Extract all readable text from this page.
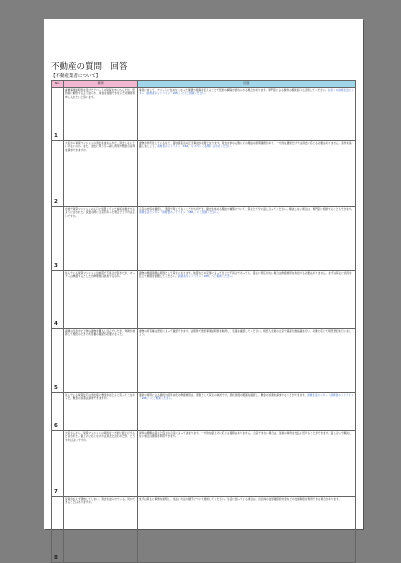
不動産の質問　回答
【不動産業者について】
No.	質問	回答
1	重要事項説明書を受けたアパートの賃貸を申し込んだが、契約前に解約するよう迫られ、業者を信頼できないため調停を申し入れたいと思います。	業者に対して、アパートに住めなくなった事情や経緯を伝えることで契約の解除が認められる場合があります。専門家による無料の相談窓口も活用してください。お近くの消費生活センター（消費者ホットライン「188」）にもご相談ください。
2	大家から賃貸マンションの退去を求められた。退去しないといけないのか。また、退去に伴う引っ越し費用や敷金の返却を請求できますか。	建物が老朽化しているなど、借地借家法の正当事由が必要となります。退去を求める側にその理由の説明義務があり、一方的な通知だけでは退去に応じる必要はありません。条件を協議しましょう。消費者ホットライン「188」（いやや）へお問い合わせください。
3	自費で賃貸マンションの入口に設置していた看板を撤去するように言われた。設置の際に合意があった場合どうすればよいですか。	合意の内容を確認し、書面で残しておくことが大切です。撤去を求める理由や補償について、貸主と十分に話し合ってください。解決しない場合は、専門家に相談することもできます。消費生活センター（消費者ホットライン「188」）にご相談ください。
4	住んでいる賃貸マンションが地震で不具合が起きたが、オーナーは修繕するとしたが修理費は負担するのか。	建物の修繕義務は原則として貸主にあります。地震などの災害によって生じた不具合であっても、借主に責任がない場合は修繕費用を負担する必要はありません。まずは貸主に状況を伝えて修繕を依頼してください。消費者ホットライン「188」へご相談ください。
5	両親の生存中に上物の建物を購入し住んでいたが、母親が他界して相続のときに所有権の確認が必要になった。	建物の所有権は登記によって確認できます。法務局で登記事項証明書を取得し、名義を確認してください。相続人全員の合意で遺産分割協議を行い、必要に応じて相続登記を行いましょう。
6	住んでいる賃貸住宅の退去後に敷金がほとんど戻ってこなかった。敷金の返還は請求できますか。	通常の使用による損耗や経年劣化の修繕費用は、原則として貸主の負担です。原状回復の範囲を確認し、敷金の返還を請求することができます。消費生活センター（消費者ホットライン「188」）にご相談ください。
7	大家さんから、賃貸マンションの賃料を一方的に値上げすると言われた。値上げに応じなければ退去と言われたが、どうすればよいですか。	賃料の増額は貸主と借主の合意によって決まります。一方的な値上げに応じる義務はありません。合意できない場合は、従前の賃料を支払い続けることができます。話し合いで解決しない場合は調停を利用できます。
8	家賃が払えず滞納してしまい、退去を迫られている。何かできることはありますか。	まずは貸主に事情を説明し、支払い方法や猶予について相談してください。生活に困っている場合は、自治体の住居確保給付金などの支援制度を利用できる場合があります。
